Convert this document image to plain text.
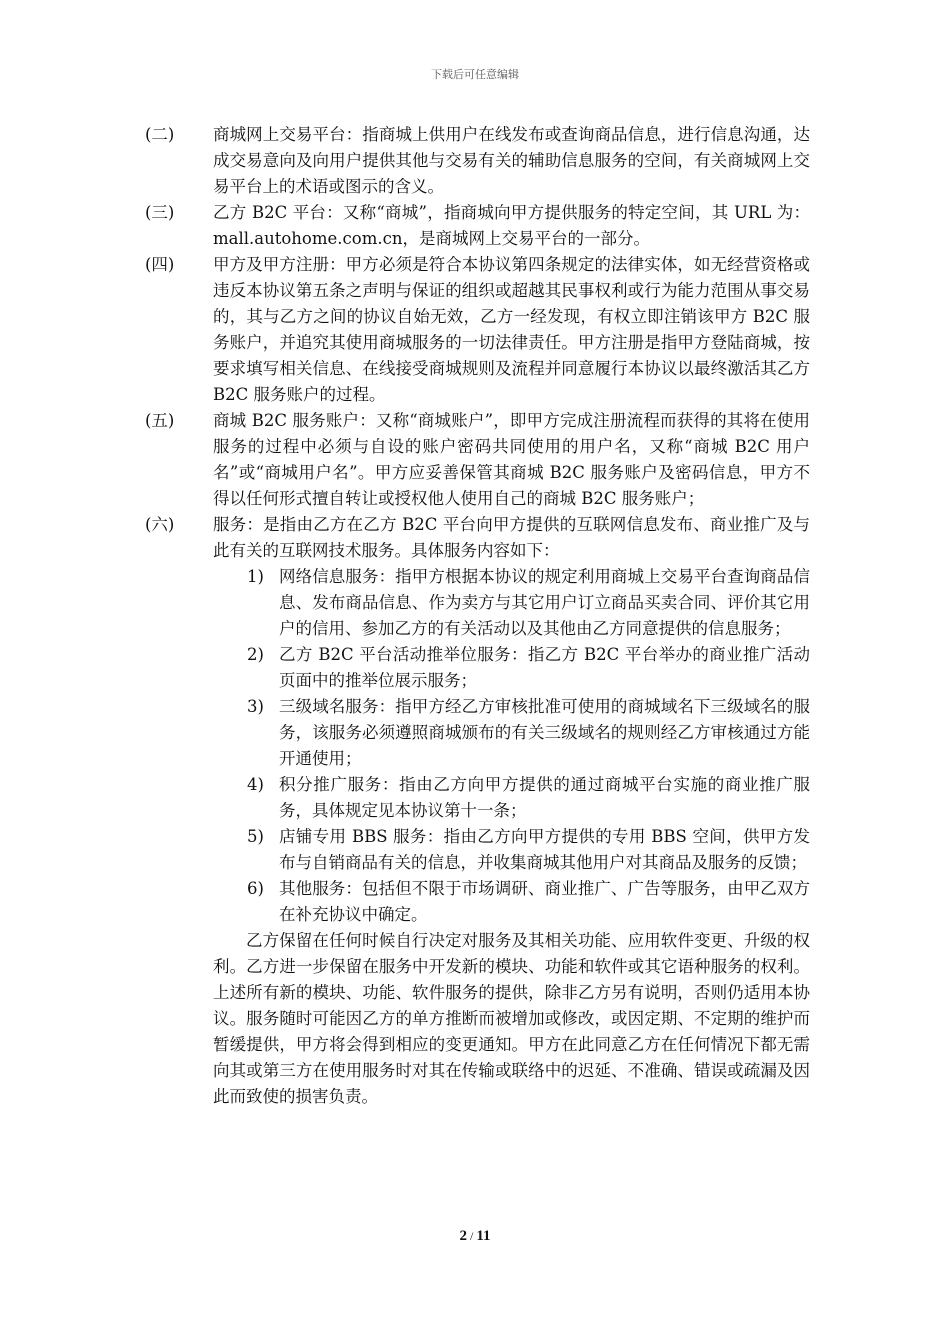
下载后可任意编辑
(二)	商城网上交易平台：指商城上供用户在线发布或查询商品信息，进行信息沟通，达成交易意向及向用户提供其他与交易有关的辅助信息服务的空间，有关商城网上交易平台上的术语或图示的含义。
(三)	乙方 B2C 平台：又称“商城”，指商城向甲方提供服务的特定空间，其 URL 为：mall.autohome.com.cn，是商城网上交易平台的一部分。
(四)	甲方及甲方注册：甲方必须是符合本协议第四条规定的法律实体，如无经营资格或违反本协议第五条之声明与保证的组织或超越其民事权利或行为能力范围从事交易的，其与乙方之间的协议自始无效，乙方一经发现，有权立即注销该甲方 B2C 服务账户，并追究其使用商城服务的一切法律责任。甲方注册是指甲方登陆商城，按要求填写相关信息、在线接受商城规则及流程并同意履行本协议以最终激活其乙方 B2C 服务账户的过程。
(五)	商城 B2C 服务账户：又称“商城账户”，即甲方完成注册流程而获得的其将在使用服务的过程中必须与自设的账户密码共同使用的用户名，又称“商城 B2C 用户名”或“商城用户名”。甲方应妥善保管其商城 B2C 服务账户及密码信息，甲方不得以任何形式擅自转让或授权他人使用自己的商城 B2C 服务账户；
(六)	服务：是指由乙方在乙方 B2C 平台向甲方提供的互联网信息发布、商业推广及与此有关的互联网技术服务。具体服务内容如下：
1) 网络信息服务：指甲方根据本协议的规定利用商城上交易平台查询商品信息、发布商品信息、作为卖方与其它用户订立商品买卖合同、评价其它用户的信用、参加乙方的有关活动以及其他由乙方同意提供的信息服务；
2) 乙方 B2C 平台活动推举位服务：指乙方 B2C 平台举办的商业推广活动页面中的推举位展示服务；
3) 三级域名服务：指甲方经乙方审核批准可使用的商城域名下三级域名的服务，该服务必须遵照商城颁布的有关三级域名的规则经乙方审核通过方能开通使用；
4) 积分推广服务：指由乙方向甲方提供的通过商城平台实施的商业推广服务，具体规定见本协议第十一条；
5) 店铺专用 BBS 服务：指由乙方向甲方提供的专用 BBS 空间，供甲方发布与自销商品有关的信息，并收集商城其他用户对其商品及服务的反馈；
6) 其他服务：包括但不限于市场调研、商业推广、广告等服务，由甲乙双方在补充协议中确定。
乙方保留在任何时候自行决定对服务及其相关功能、应用软件变更、升级的权利。乙方进一步保留在服务中开发新的模块、功能和软件或其它语种服务的权利。上述所有新的模块、功能、软件服务的提供，除非乙方另有说明，否则仍适用本协议。服务随时可能因乙方的单方推断而被增加或修改，或因定期、不定期的维护而暂缓提供，甲方将会得到相应的变更通知。甲方在此同意乙方在任何情况下都无需向其或第三方在使用服务时对其在传输或联络中的迟延、不准确、错误或疏漏及因此而致使的损害负责。
2 / 11
